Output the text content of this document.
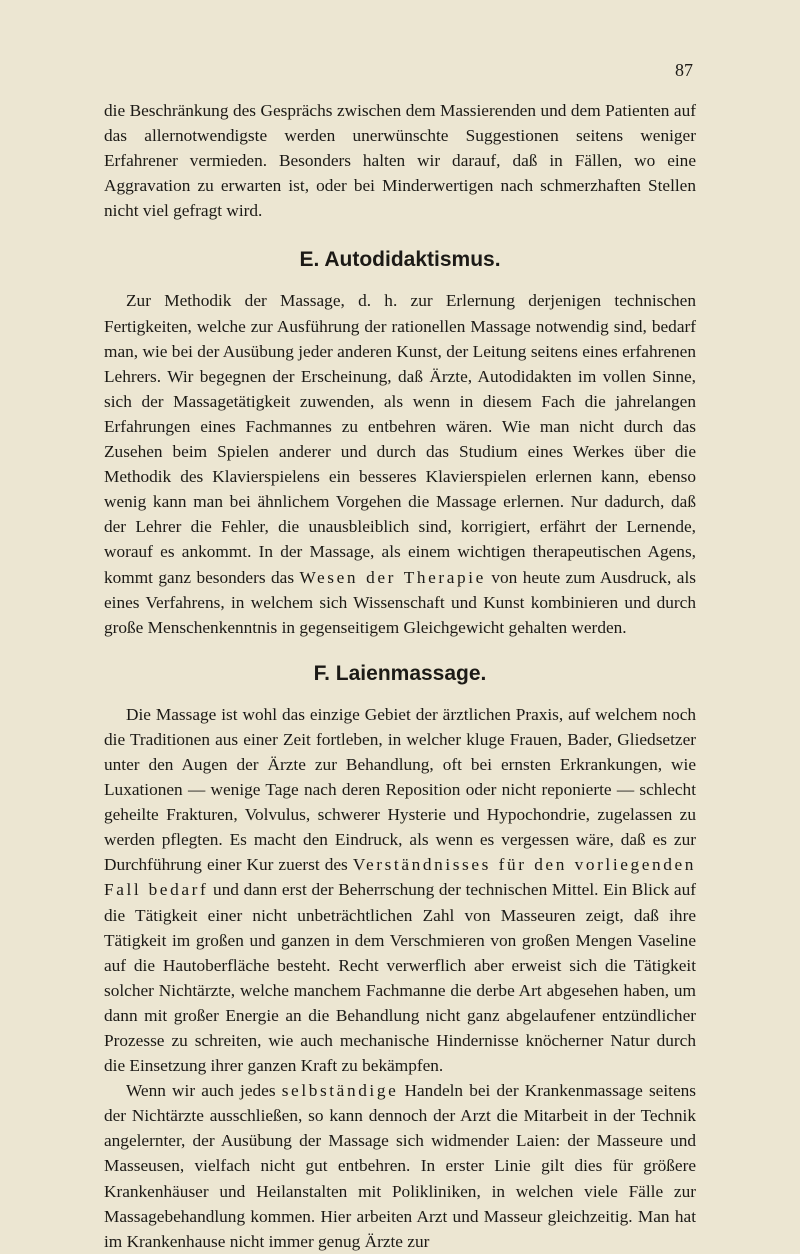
87

die Beschränkung des Gesprächs zwischen dem Massierenden und dem Patienten auf das allernotwendigste werden unerwünschte Suggestionen seitens weniger Erfahrener vermieden. Besonders halten wir darauf, daß in Fällen, wo eine Aggravation zu erwarten ist, oder bei Minderwertigen nach schmerzhaften Stellen nicht viel gefragt wird.

E. Autodidaktismus.

Zur Methodik der Massage, d. h. zur Erlernung derjenigen technischen Fertigkeiten, welche zur Ausführung der rationellen Massage notwendig sind, bedarf man, wie bei der Ausübung jeder anderen Kunst, der Leitung seitens eines erfahrenen Lehrers. Wir begegnen der Erscheinung, daß Ärzte, Autodidakten im vollen Sinne, sich der Massagetätigkeit zuwenden, als wenn in diesem Fach die jahrelangen Erfahrungen eines Fachmannes zu entbehren wären. Wie man nicht durch das Zusehen beim Spielen anderer und durch das Studium eines Werkes über die Methodik des Klavierspielens ein besseres Klavierspielen erlernen kann, ebenso wenig kann man bei ähnlichem Vorgehen die Massage erlernen. Nur dadurch, daß der Lehrer die Fehler, die unausbleiblich sind, korrigiert, erfährt der Lernende, worauf es ankommt. In der Massage, als einem wichtigen therapeutischen Agens, kommt ganz besonders das Wesen der Therapie von heute zum Ausdruck, als eines Verfahrens, in welchem sich Wissenschaft und Kunst kombinieren und durch große Menschenkenntnis in gegenseitigem Gleichgewicht gehalten werden.

F. Laienmassage.

Die Massage ist wohl das einzige Gebiet der ärztlichen Praxis, auf welchem noch die Traditionen aus einer Zeit fortleben, in welcher kluge Frauen, Bader, Gliedsetzer unter den Augen der Ärzte zur Behandlung, oft bei ernsten Erkrankungen, wie Luxationen — wenige Tage nach deren Reposition oder nicht reponierte — schlecht geheilte Frakturen, Volvulus, schwerer Hysterie und Hypochondrie, zugelassen zu werden pflegten. Es macht den Eindruck, als wenn es vergessen wäre, daß es zur Durchführung einer Kur zuerst des Verständnisses für den vorliegenden Fall bedarf und dann erst der Beherrschung der technischen Mittel. Ein Blick auf die Tätigkeit einer nicht unbeträchtlichen Zahl von Masseuren zeigt, daß ihre Tätigkeit im großen und ganzen in dem Verschmieren von großen Mengen Vaseline auf die Hautoberfläche besteht. Recht verwerflich aber erweist sich die Tätigkeit solcher Nichtärzte, welche manchem Fachmanne die derbe Art abgesehen haben, um dann mit großer Energie an die Behandlung nicht ganz abgelaufener entzündlicher Prozesse zu schreiten, wie auch mechanische Hindernisse knöcherner Natur durch die Einsetzung ihrer ganzen Kraft zu bekämpfen.

Wenn wir auch jedes selbständige Handeln bei der Krankenmassage seitens der Nichtärzte ausschließen, so kann dennoch der Arzt die Mitarbeit in der Technik angelernter, der Ausübung der Massage sich widmender Laien: der Masseure und Masseusen, vielfach nicht gut entbehren. In erster Linie gilt dies für größere Krankenhäuser und Heilanstalten mit Polikliniken, in welchen viele Fälle zur Massagebehandlung kommen. Hier arbeiten Arzt und Masseur gleichzeitig. Man hat im Krankenhause nicht immer genug Ärzte zur
